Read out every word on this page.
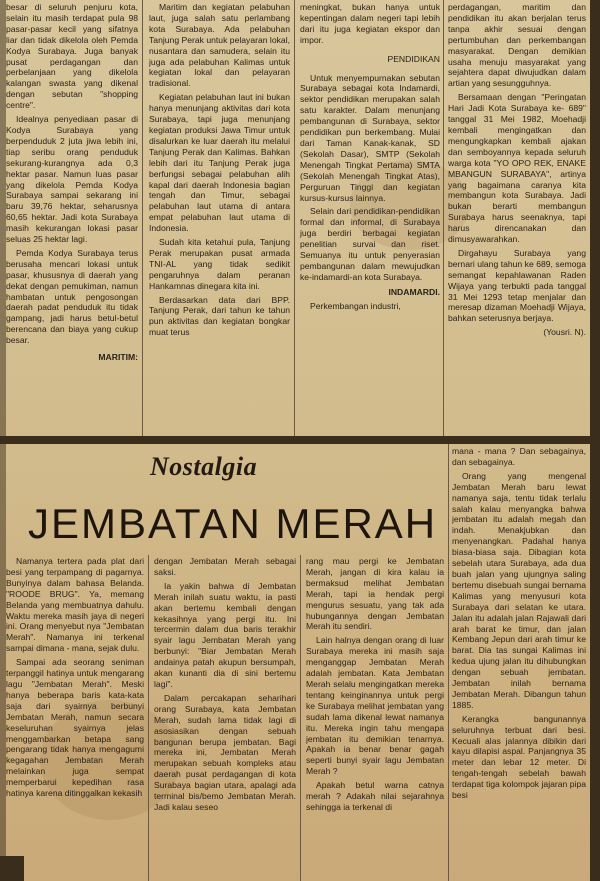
besar di seluruh penjuru kota, selain itu masih terdapat pula 98 pasar-pasar kecil yang sifatnya liar dan tidak dikelola oleh Pemda Kodya Surabaya. Juga banyak pusat perdagangan dan perbelanjaan yang dikelola kalangan swasta yang dikenal dengan sebutan "shopping centre".

Idealnya penyediaan pasar di Kodya Surabaya yang berpenduduk 2 juta jiwa lebih ini, tiap seribu orang penduduk sekurang-kurangnya ada 0,3 hektar pasar. Namun luas pasar yang dikelola Pemda Kodya Surabaya sampai sekarang ini baru 39,76 hektar, seharusnya 60,65 hektar. Jadi kota Surabaya masih kekurangan lokasi pasar seluas 25 hektar lagi.

Pemda Kodya Surabaya terus berusaha mencari lokasi untuk pasar, khususnya di daerah yang dekat dengan pemukiman, namun hambatan untuk pengosongan daerah padat penduduk itu tidak gampang, jadi harus betul-betul berencana dan biaya yang cukup besar.

MARITIM:

Maritim dan kegiatan pelabuhan laut, juga salah satu perlambang kota Surabaya. Ada pelabuhan Tanjung Perak untuk pelayaran lokal, nusantara dan samudera, selain itu juga ada pelabuhan Kalimas untuk kegiatan lokal dan pelayaran tradisional.

Kegiatan pelabuhan laut ini bukan hanya menunjang aktivitas dari kota Surabaya, tapi juga menunjang kegiatan produksi Jawa Timur untuk disalurkan ke luar daerah itu melalui Tanjung Perak dan Kalimas. Bahkan lebih dari itu Tanjung Perak juga berfungsi sebagai pelabuhan alih kapal dari daerah Indonesia bagian tengah dan Timur, sebagai pelabuhan laut utama di antara empat pelabuhan laut utama di Indonesia.

Sudah kita ketahui pula, Tanjung Perak merupakan pusat armada TNI-AL yang tidak sedikit pengaruhnya dalam peranan Hankamnas dinegara kita ini.

Berdasarkan data dari BPP. Tanjung Perak, dari tahun ke tahun pun aktivitas dan kegiatan bongkar muat terus

meningkat, bukan hanya untuk kepentingan dalam negeri tapi lebih dari itu juga kegiatan ekspor dan impor.

PENDIDIKAN

Untuk menyempurnakan sebutan Surabaya sebagai kota Indamardi, sektor pendidikan merupakan salah satu karakter. Dalam menunjang pembangunan di Surabaya, sektor pendidikan pun berkembang. Mulai dari Taman Kanak-kanak, SD (Sekolah Dasar), SMTP (Sekolah Menengah Tingkat Pertama) SMTA (Sekolah Menengah Tingkat Atas), Perguruan Tinggi dan kegiatan kursus-kursus lainnya.

Selain dari pendidikan-pendidikan formal dan informal, di Surabaya juga berdiri berbagai kegiatan penelitian survai dan riset. Semuanya itu untuk penyerasian pembangunan dalam mewujudkan ke-indamardi-an kota Surabaya.

INDAMARDI.

Perkembangan industri,

perdagangan, maritim dan pendidikan itu akan berjalan terus tanpa akhir sesuai dengan pertumbuhan dan perkembangan masyarakat. Dengan demikian usaha menuju masyarakat yang sejahtera dapat diwujudkan dalam artian yang sesungguhnya.

Bersamaan dengan "Peringatan Hari Jadi Kota Surabaya ke- 689" tanggal 31 Mei 1982, Moehadji kembali mengingatkan dan mengungkapkan kembali ajakan dan semboyannya kepada seluruh warga kota "YO OPO REK, ENAKE MBANGUN SURABAYA", artinya yang bagaimana caranya kita membangun kota Surabaya. Jadi bukan berarti membangun Surabaya harus seenaknya, tapi harus direncanakan dan dimusyawarahkan.

Dirgahayu Surabaya yang bernari ulang tahun ke 689, semoga semangat kepahlawanan Raden Wijaya yang terbukti pada tanggal 31 Mei 1293 tetap menjalar dan meresap dizaman Moehadji Wijaya, bahkan seterusnya berjaya.

(Yousri. N).

Nostalgia
JEMBATAN MERAH

mana - mana ? Dan sebagainya, dan sebagainya.

Orang yang mengenal Jembatan Merah baru lewat namanya saja, tentu tidak terlalu salah kalau menyangka bahwa jembatan itu adalah megah dan indah. Menakjubkan dan menyenangkan. Padahal hanya biasa-biasa saja. Dibagian kota sebelah utara Surabaya, ada dua buah jalan yang ujungnya saling bertemu disebuah sungai bernama Kalimas yang menyusuri kota Surabaya dari selatan ke utara. Jalan itu adalah jalan Rajawali dari arah barat ke timur, dan jalan Kembang Jepun dari arah timur ke barat. Dia tas sungai Kalimas ini kedua ujung jalan itu dihubungkan dengan sebuah jembatan. Jembatan inilah bernama Jembatan Merah. Dibangun tahun 1885.

Kerangka bangunannya seluruhnya terbuat dari besi. Kecuali alas jalannya dibikin dari kayu dilapisi aspal. Panjangnya 35 meter dan lebar 12 meter. Di tengah-tengah sebelah bawah terdapat tiga kolompok jajaran pipa besi

Namanya tertera pada plat dari besi yang terpampang di pagarnya. Bunyinya dalam bahasa Belanda. "ROODE BRUG". Ya, memang Belanda yang membuatnya dahulu. Waktu mereka masih jaya di negeri ini. Orang menyebut nya "Jembatan Merah". Namanya ini terkenal sampai dimana - mana, sejak dulu.

Sampai ada seorang seniman terpanggil hatinya untuk mengarang lagu "Jembatan Merah". Meski hanya beberapa baris kata-kata saja dari syairnya berbunyi Jembatan Merah, namun secara keseluruhan syairnya jelas menggambarkan betapa sang pengarang tidak hanya mengagumi kegagahan Jembatan Merah melainkan juga sempat memperbarui kepedihan rasa hatinya karena ditinggalkan kekasih

dengan Jembatan Merah sebagai saksi.

Ia yakin bahwa di Jembatan Merah inilah suatu waktu, ia pasti akan bertemu kembali dengan kekasihnya yang pergi itu. Ini tercermin dalam dua baris terakhir syair lagu Jembatan Merah yang berbunyi: "Biar Jembatan Merah andainya patah akupun bersumpah, akan kunanti dia di sini bertemu lagi".

Dalam percakapan seharihari orang Surabaya, kata Jembatan Merah, sudah lama tidak lagi di asosiasikan dengan sebuah bangunan berupa jembatan. Bagi mereka ini, Jembatan Merah merupakan sebuah kompleks atau daerah pusat perdagangan di kota Surabaya bagian utara, apalagi ada terminal bis/bemo Jembatan Merah. Jadi kalau seseo

rang mau pergi ke Jembatan Merah, jangan di kira kalau ia bermaksud melihat Jembatan Merah, tapi ia hendak pergi mengurus sesuatu, yang tak ada hubungannya dengan Jembatan Merah itu sendiri.

Lain halnya dengan orang di luar Surabaya mereka ini masih saja menganggap Jembatan Merah adalah jembatan. Kata Jembatan Merah selalu mengingatkan mereka tentang keinginannya untuk pergi ke Surabaya melihat jembatan yang sudah lama dikenal lewat namanya itu. Mereka ingin tahu mengapa jembatan itu demikian tenarnya. Apakah ia benar benar gagah seperti bunyi syair lagu Jembatan Merah ?

Apakah betul warna catnya merah ? Adakah nilai sejarahnya sehingga ia terkenal di
